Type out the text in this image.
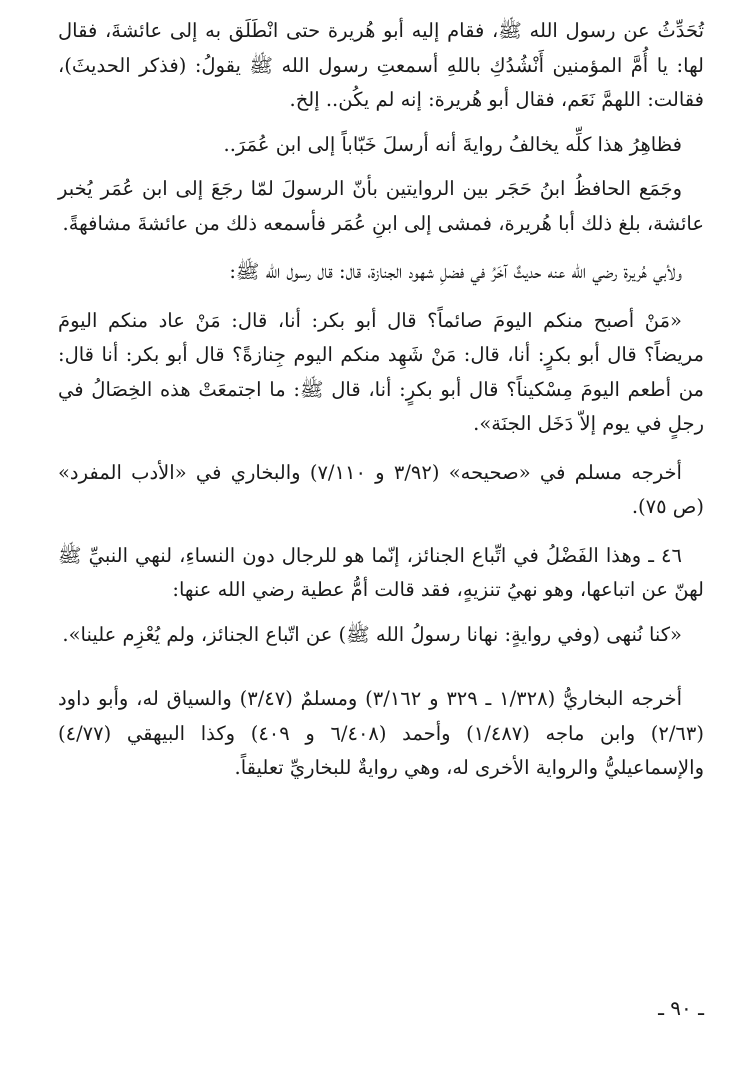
تُحَدِّثُ عن رسول الله ﷺ، فقام إليه أبو هُريرة حتى انْطَلَق به إلى عائشةَ، فقال لها: يا أُمَّ المؤمنين أَنْشُدُكِ باللهِ أسمعتِ رسول الله ﷺ يقولُ: (فذكر الحديثَ)، فقالت: اللهمَّ نَعَم، فقال أبو هُريرة: إنه لم يكُن.. إلخ.

فظاهِرُ هذا كلِّه يخالفُ روايةَ أنه أرسلَ خَبّاباً إلى ابن عُمَرَ..

وجَمَع الحافظُ ابنُ حَجَر بين الروايتين بأنّ الرسولَ لمّا رجَعَ إلى ابن عُمَر يُخبر عائشة، بلغ ذلك أبا هُريرة، فمشى إلى ابنِ عُمَر فأسمعه ذلك من عائشةَ مشافهةً.

ولأبي هُريرة رضي الله عنه حديثٌ آخَرُ في فضلِ شهود الجنازة، قال: قال رسول الله ﷺ:

«مَنْ أصبح منكم اليومَ صائماً؟ قال أبو بكر: أنا، قال: مَنْ عاد منكم اليومَ مريضاً؟ قال أبو بكرٍ: أنا، قال: مَنْ شَهِد منكم اليوم جِنازةً؟ قال أبو بكر: أنا قال: من أطعم اليومَ مِسْكيناً؟ قال أبو بكرٍ: أنا، قال ﷺ: ما اجتمعَتْ هذه الخِصَالُ في رجلٍ في يوم إلاّ دَخَل الجنَة».

أخرجه مسلم في «صحيحه» (٣/٩٢ و ٧/١١٠) والبخاري في «الأدب المفرد» (ص ٧٥).

٤٦ ـ وهذا الفَضْلُ في اتِّباع الجنائز، إنّما هو للرجال دون النساءِ، لنهي النبيِّ ﷺ لهنّ عن اتباعها، وهو نهيُ تنزيهٍ، فقد قالت أمُّ عطية رضي الله عنها:

«كنا نُنهى (وفي روايةٍ: نهانا رسولُ الله ﷺ) عن اتّباع الجنائز، ولم يُعْزِم علينا».

أخرجه البخاريُّ (١/٣٢٨ ـ ٣٢٩ و ٣/١٦٢) ومسلمٌ (٣/٤٧) والسياق له، وأبو داود (٢/٦٣) وابن ماجه (١/٤٨٧) وأحمد (٦/٤٠٨ و ٤٠٩) وكذا البيهقي (٤/٧٧) والإسماعيليُّ والرواية الأخرى له، وهي روايةٌ للبخاريِّ تعليقاً.

ـ ٩٠ ـ
